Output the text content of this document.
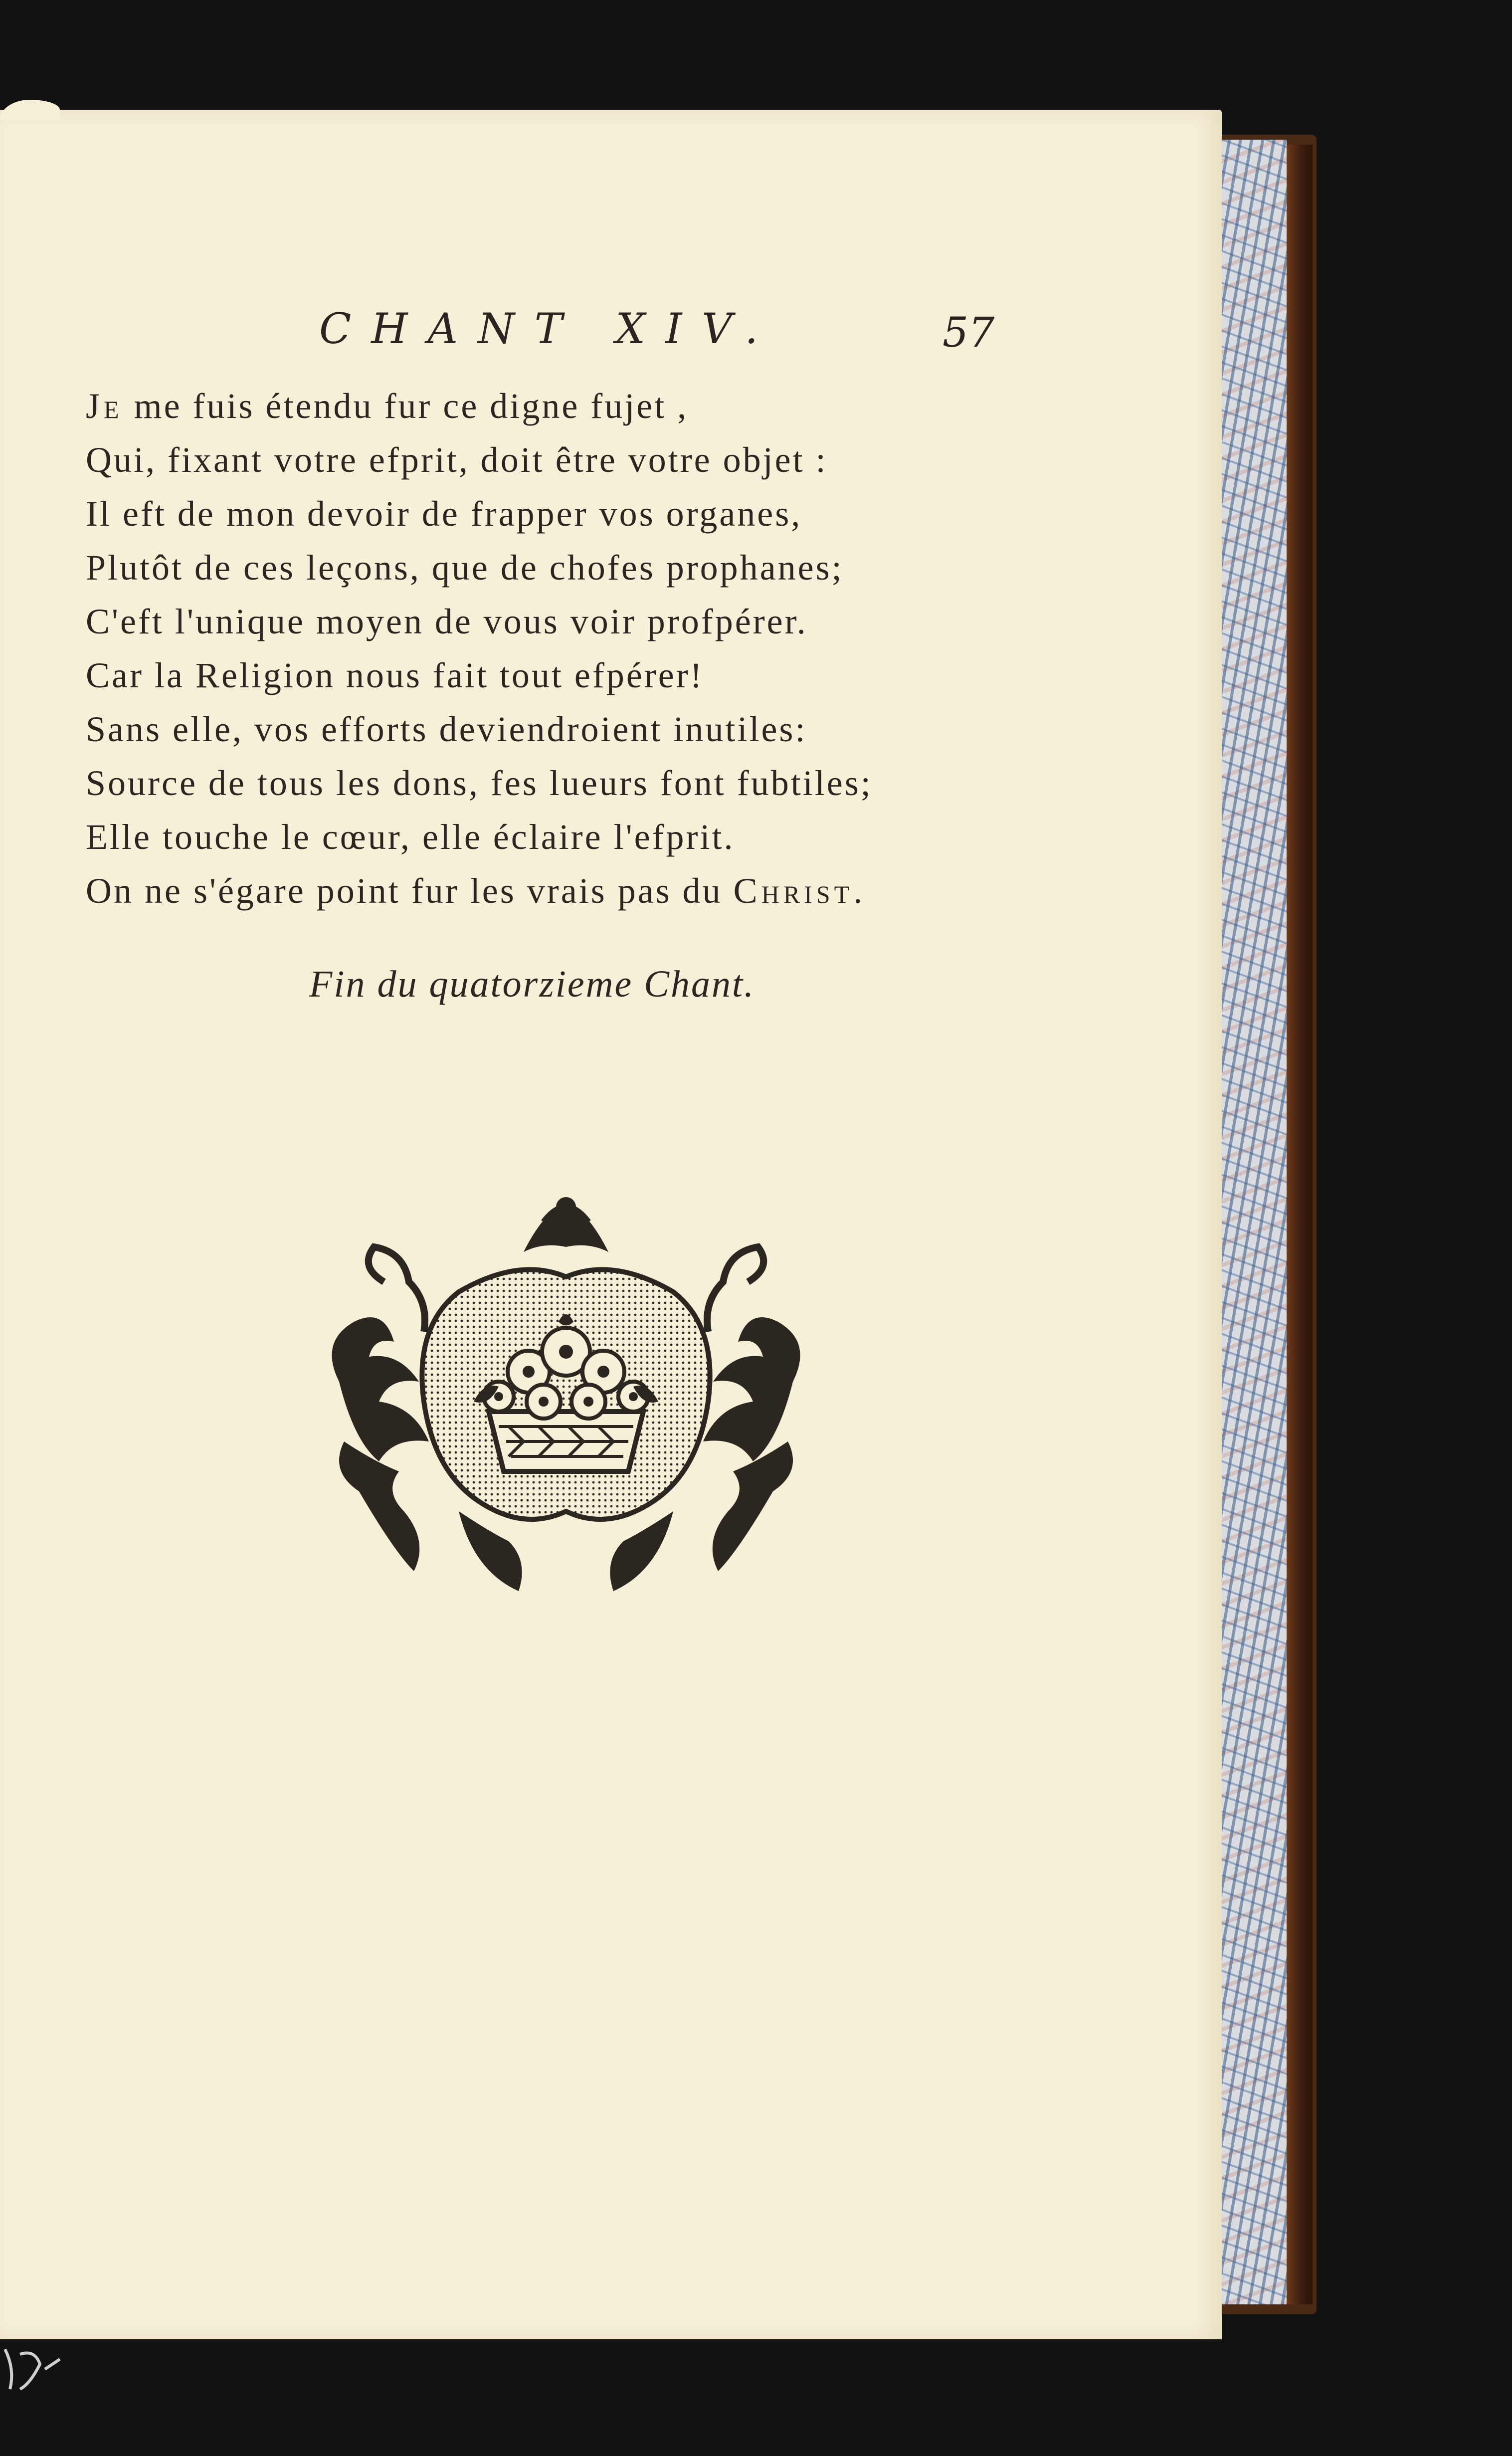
CHANT XIV.	57
Je me fuis étendu fur ce digne fujet ,
Qui, fixant votre efprit, doit être votre objet :
Il eft de mon devoir de frapper vos organes,
Plutôt de ces leçons, que de chofes prophanes;
C'eft l'unique moyen de vous voir profpérer.
Car la Religion nous fait tout efpérer!
Sans elle, vos efforts deviendroient inutiles:
Source de tous les dons, fes lueurs font fubtiles;
Elle touche le cœur, elle éclaire l'efprit.
On ne s'égare point fur les vrais pas du Christ.
Fin du quatorzieme Chant.
